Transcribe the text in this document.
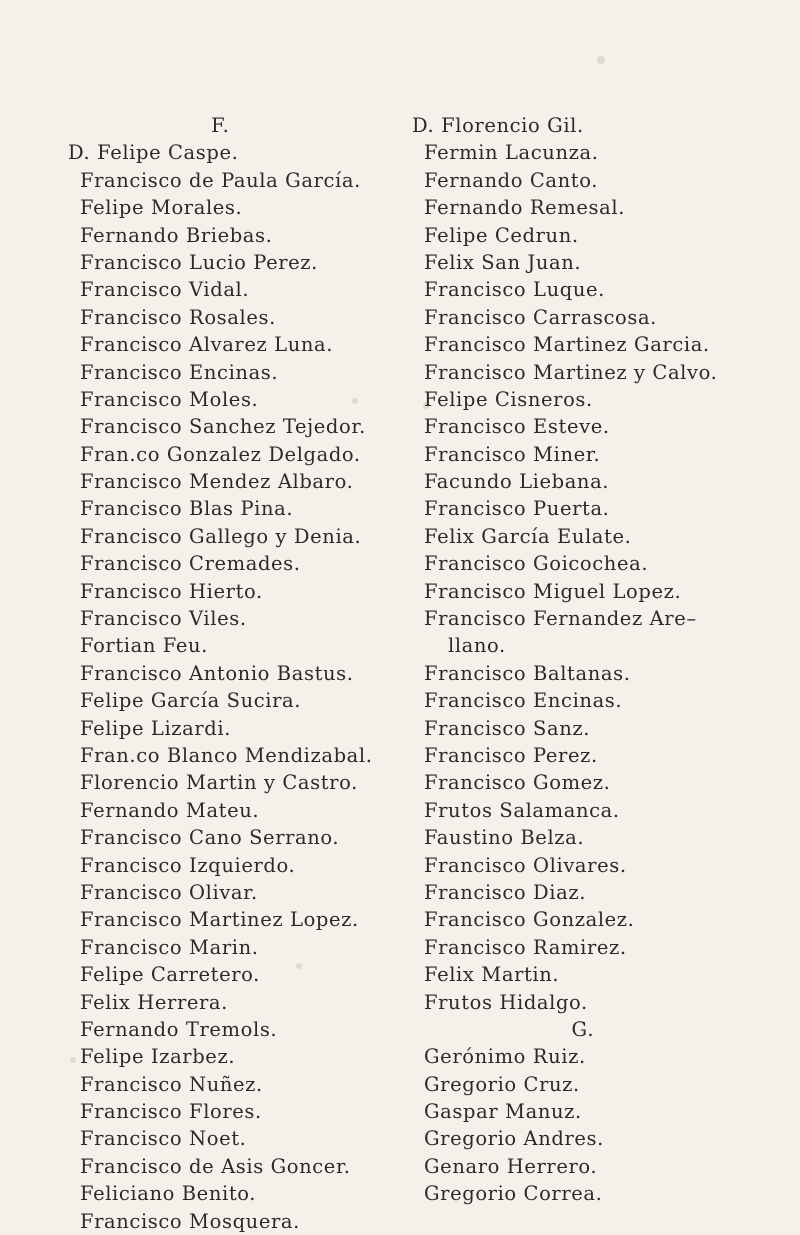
F.
D. Felipe Caspe.
Francisco de Paula García.
Felipe Morales.
Fernando Briebas.
Francisco Lucio Perez.
Francisco Vidal.
Francisco Rosales.
Francisco Alvarez Luna.
Francisco Encinas.
Francisco Moles.
Francisco Sanchez Tejedor.
Fran.co Gonzalez Delgado.
Francisco Mendez Albaro.
Francisco Blas Pina.
Francisco Gallego y Denia.
Francisco Cremades.
Francisco Hierto.
Francisco Viles.
Fortian Feu.
Francisco Antonio Bastus.
Felipe García Sucira.
Felipe Lizardi.
Fran.co Blanco Mendizabal.
Florencio Martin y Castro.
Fernando Mateu.
Francisco Cano Serrano.
Francisco Izquierdo.
Francisco Olivar.
Francisco Martinez Lopez.
Francisco Marin.
Felipe Carretero.
Felix Herrera.
Fernando Tremols.
Felipe Izarbez.
Francisco Nuñez.
Francisco Flores.
Francisco Noet.
Francisco de Asis Goncer.
Feliciano Benito.
Francisco Mosquera.
D. Florencio Gil.
Fermin Lacunza.
Fernando Canto.
Fernando Remesal.
Felipe Cedrun.
Felix San Juan.
Francisco Luque.
Francisco Carrascosa.
Francisco Martinez Garcia.
Francisco Martinez y Calvo.
Felipe Cisneros.
Francisco Esteve.
Francisco Miner.
Facundo Liebana.
Francisco Puerta.
Felix García Eulate.
Francisco Goicochea.
Francisco Miguel Lopez.
Francisco Fernandez Are–
llano.
Francisco Baltanas.
Francisco Encinas.
Francisco Sanz.
Francisco Perez.
Francisco Gomez.
Frutos Salamanca.
Faustino Belza.
Francisco Olivares.
Francisco Diaz.
Francisco Gonzalez.
Francisco Ramirez.
Felix Martin.
Frutos Hidalgo.
G.
Gerónimo Ruiz.
Gregorio Cruz.
Gaspar Manuz.
Gregorio Andres.
Genaro Herrero.
Gregorio Correa.
